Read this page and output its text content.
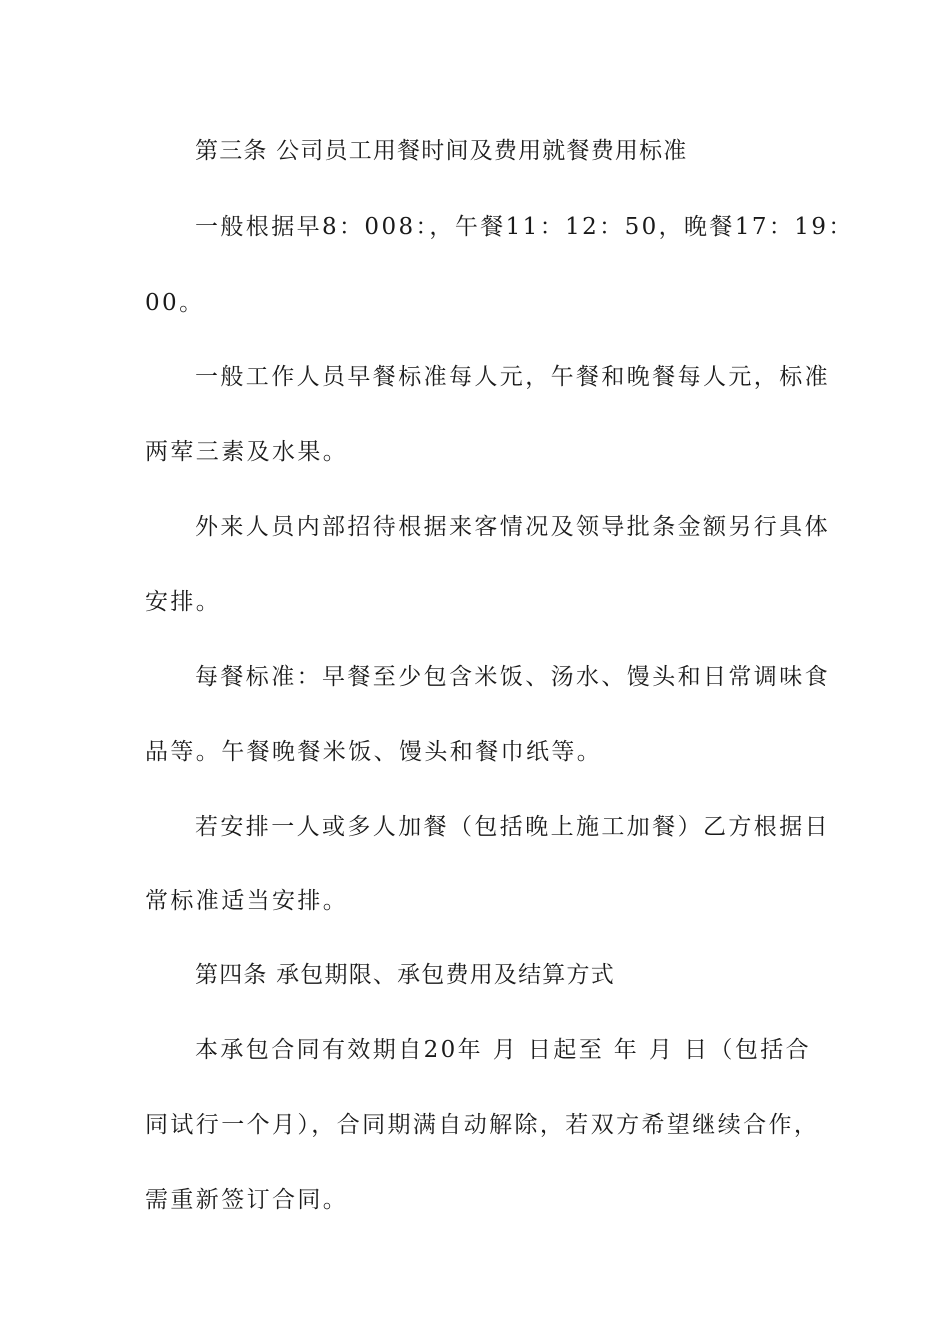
第三条 公司员工用餐时间及费用就餐费用标准
一般根据早8：008：，午餐11：12：50，晚餐17：19：
00。
一般工作人员早餐标准每人元，午餐和晚餐每人元，标准
两荤三素及水果。
外来人员内部招待根据来客情况及领导批条金额另行具体
安排。
每餐标准：早餐至少包含米饭、汤水、馒头和日常调味食
品等。午餐晚餐米饭、馒头和餐巾纸等。
若安排一人或多人加餐（包括晚上施工加餐）乙方根据日
常标准适当安排。
第四条 承包期限、承包费用及结算方式
本承包合同有效期自20年 月 日起至 年 月 日（包括合
同试行一个月），合同期满自动解除，若双方希望继续合作，
需重新签订合同。
